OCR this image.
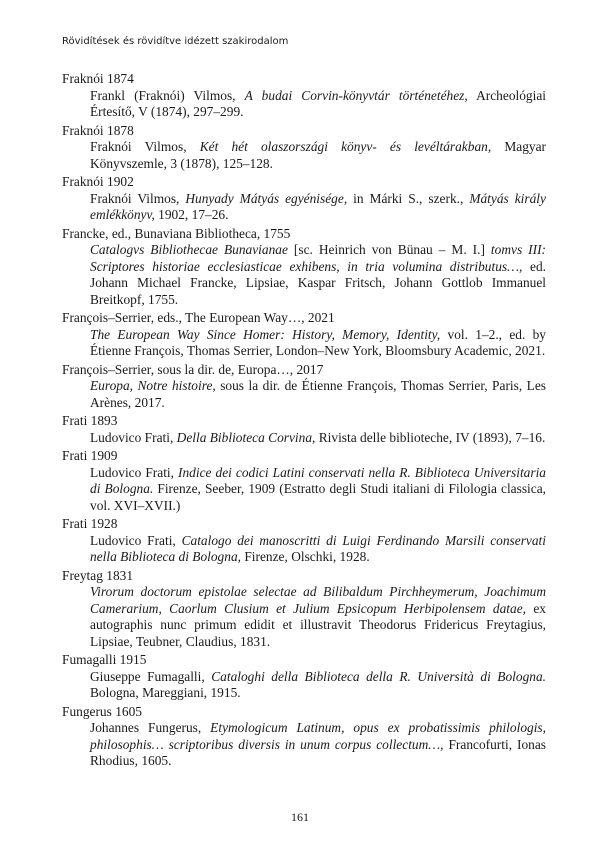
Rövidítések és rövidítve idézett szakirodalom

Fraknói 1874

Frankl (Fraknói) Vilmos, A budai Corvin-könyvtár történetéhez, Archeológiai Értesítő, V (1874), 297–299.

Fraknói 1878

Fraknói Vilmos, Két hét olaszországi könyv- és levéltárakban, Magyar Könyvszemle, 3 (1878), 125–128.

Fraknói 1902

Fraknói Vilmos, Hunyady Mátyás egyénisége, in Márki S., szerk., Mátyás király emlékkönyv, 1902, 17–26.

Francke, ed., Bunaviana Bibliotheca, 1755

Catalogvs Bibliothecae Bunavianae [sc. Heinrich von Bünau – M. I.] tomvs III: Scriptores historiae ecclesiasticae exhibens, in tria volumina distributus…, ed. Johann Michael Francke, Lipsiae, Kaspar Fritsch, Johann Gottlob Immanuel Breitkopf, 1755.

François–Serrier, eds., The European Way…, 2021

The European Way Since Homer: History, Memory, Identity, vol. 1–2., ed. by Étienne François, Thomas Serrier, London–New York, Bloomsbury Academic, 2021.

François–Serrier, sous la dir. de, Europa…, 2017

Europa, Notre histoire, sous la dir. de Étienne François, Thomas Serrier, Paris, Les Arènes, 2017.

Frati 1893

Ludovico Frati, Della Biblioteca Corvina, Rivista delle biblioteche, IV (1893), 7–16.

Frati 1909

Ludovico Frati, Indice dei codici Latini conservati nella R. Biblioteca Universitaria di Bologna. Firenze, Seeber, 1909 (Estratto degli Studi italiani di Filologia classica, vol. XVI–XVII.)

Frati 1928

Ludovico Frati, Catalogo dei manoscritti di Luigi Ferdinando Marsili conservati nella Biblioteca di Bologna, Firenze, Olschki, 1928.

Freytag 1831

Virorum doctorum epistolae selectae ad Bilibaldum Pirchheymerum, Joachimum Camerarium, Caorlum Clusium et Julium Epsicopum Herbipolensem datae, ex autographis nunc primum edidit et illustravit Theodorus Fridericus Freytagius, Lipsiae, Teubner, Claudius, 1831.

Fumagalli 1915

Giuseppe Fumagalli, Cataloghi della Biblioteca della R. Università di Bologna. Bologna, Mareggiani, 1915.

Fungerus 1605

Johannes Fungerus, Etymologicum Latinum, opus ex probatissimis philologis, philosophis… scriptoribus diversis in unum corpus collectum…, Francofurti, Ionas Rhodius, 1605.

161
